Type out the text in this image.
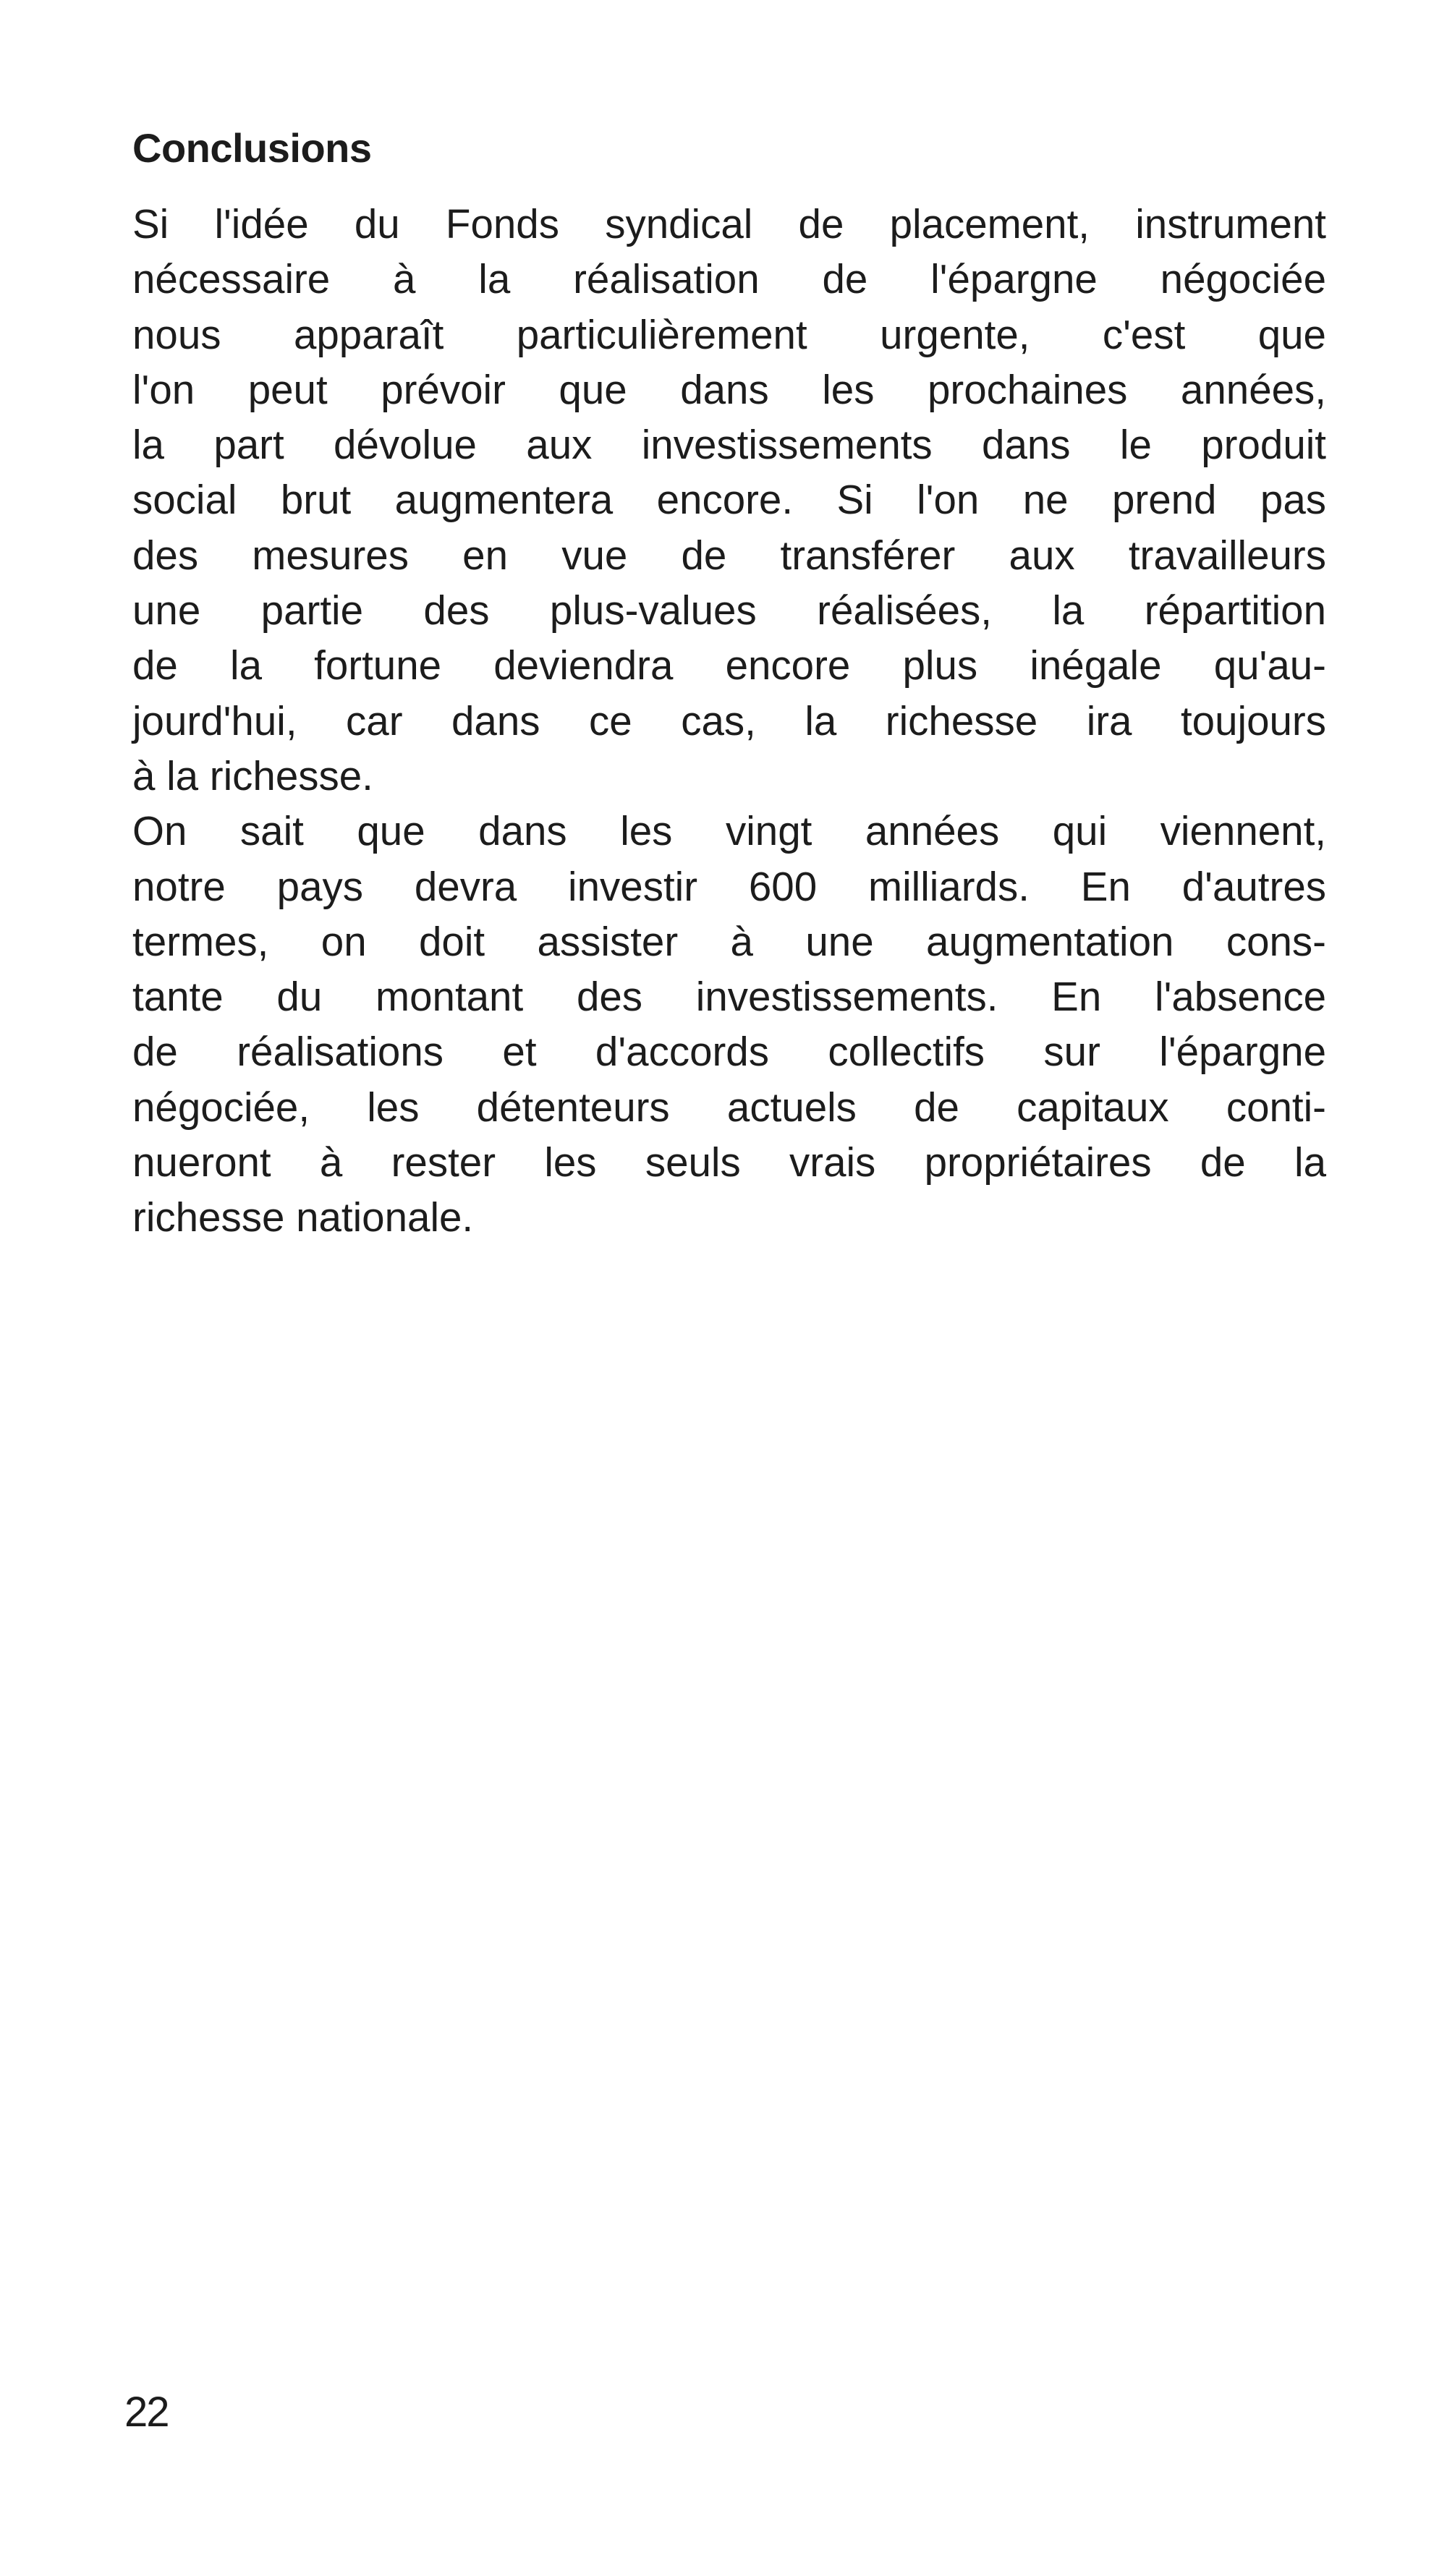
Conclusions
Si l'idée du Fonds syndical de placement, instrument
nécessaire à la réalisation de l'épargne négociée
nous apparaît particulièrement urgente, c'est que
l'on peut prévoir que dans les prochaines années,
la part dévolue aux investissements dans le produit
social brut augmentera encore. Si l'on ne prend pas
des mesures en vue de transférer aux travailleurs
une partie des plus-values réalisées, la répartition
de la fortune deviendra encore plus inégale qu'au-
jourd'hui, car dans ce cas, la richesse ira toujours
à la richesse.
On sait que dans les vingt années qui viennent,
notre pays devra investir 600 milliards. En d'autres
termes, on doit assister à une augmentation cons-
tante du montant des investissements. En l'absence
de réalisations et d'accords collectifs sur l'épargne
négociée, les détenteurs actuels de capitaux conti-
nueront à rester les seuls vrais propriétaires de la
richesse nationale.
22
